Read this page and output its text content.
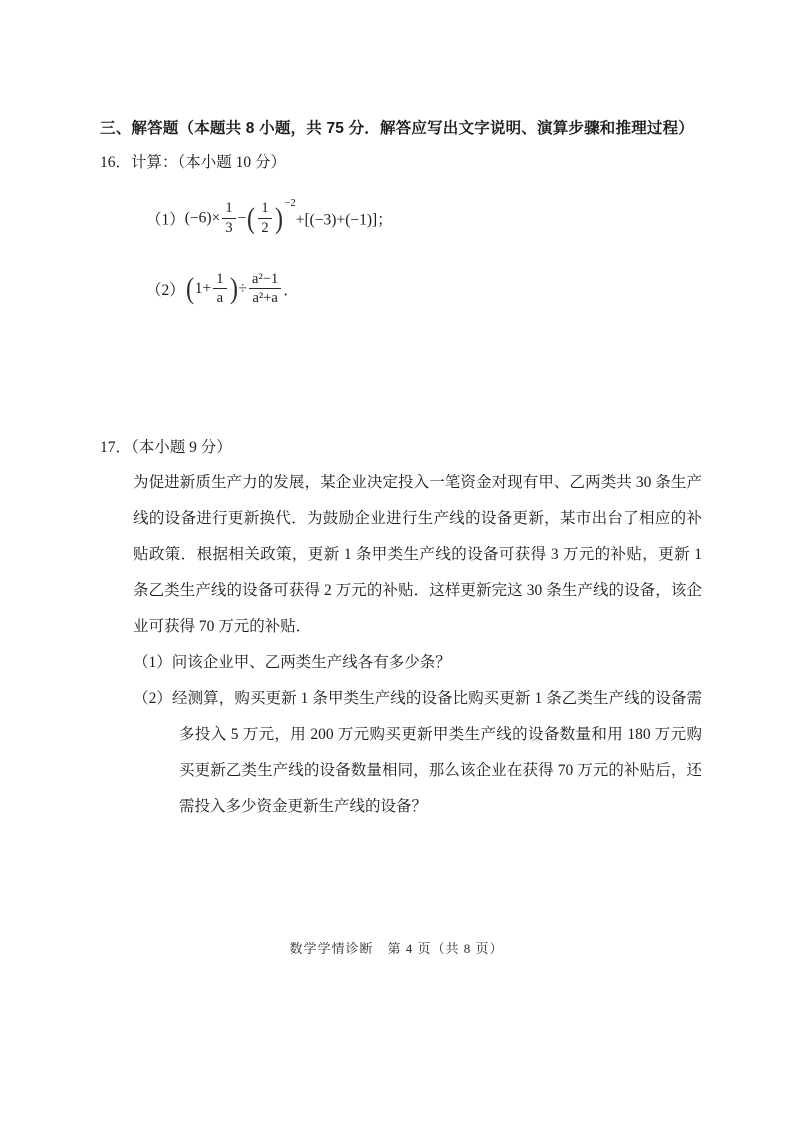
三、解答题（本题共 8 小题，共 75 分．解答应写出文字说明、演算步骤和推理过程）
16．计算：（本小题 10 分）
$(1)(-6)\times \frac{1}{3}$ −( $\frac{1}{2}$ ) $^{-2}$+[(−3)+(−1)]；
$(2)(1+ \frac{1}{a}$ )÷ $\frac{\text{a²−1}}{\text{a²+a}}$ ．
17．（本小题 9 分）
为促进新质生产力的发展，某企业决定投入一笔资金对现有甲、乙两类共 30 条生产线的设备进行更新换代．为鼓励企业进行生产线的设备更新，某市出台了相应的补贴政策．根据相关政策，更新 1 条甲类生产线的设备可获得 3 万元的补贴，更新 1 条乙类生产线的设备可获得 2 万元的补贴．这样更新完这 30 条生产线的设备，该企业可获得 70 万元的补贴．
（1）问该企业甲、乙两类生产线各有多少条？
（2）经测算，购买更新 1 条甲类生产线的设备比购买更新 1 条乙类生产线的设备需多投入 5 万元，用 200 万元购买更新甲类生产线的设备数量和用 180 万元购买更新乙类生产线的设备数量相同，那么该企业在获得 70 万元的补贴后，还需投入多少资金更新生产线的设备？
数学学情诊断　第 4 页（共 8 页）
